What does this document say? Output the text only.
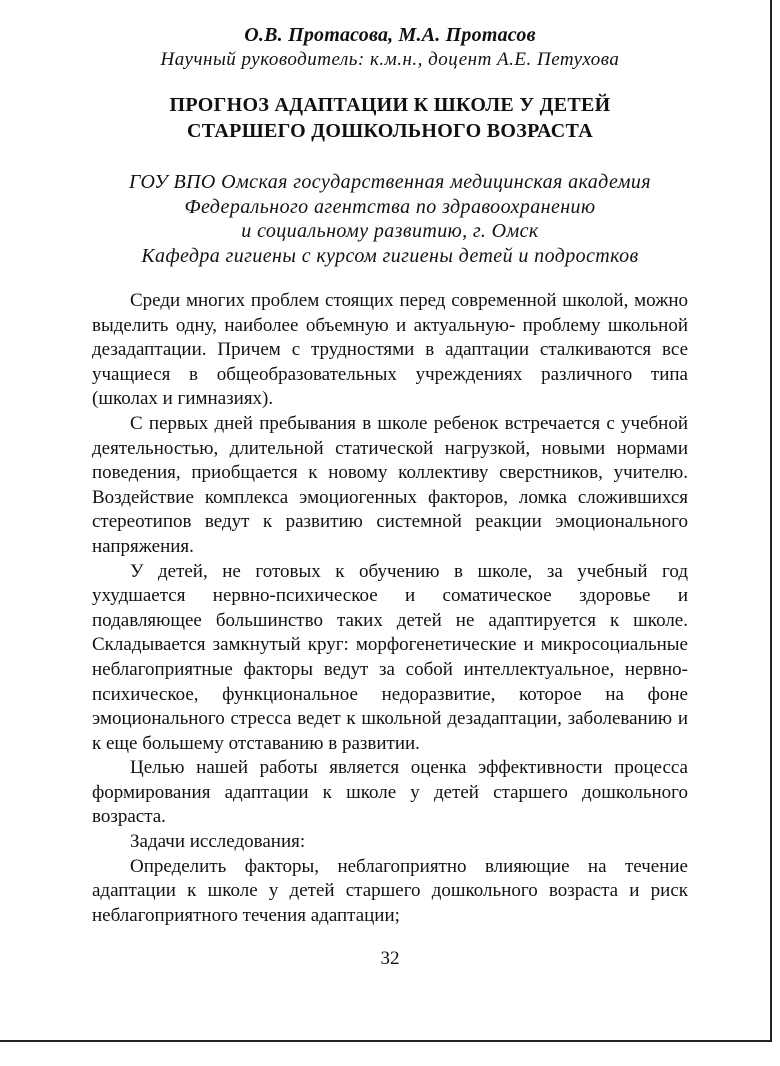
О.В. Протасова, М.А. Протасов
Научный руководитель: к.м.н., доцент А.Е. Петухова
ПРОГНОЗ АДАПТАЦИИ К ШКОЛЕ У ДЕТЕЙ
СТАРШЕГО ДОШКОЛЬНОГО ВОЗРАСТА
ГОУ ВПО Омская государственная медицинская академия
Федерального агентства по здравоохранению
и социальному развитию, г. Омск
Кафедра гигиены с курсом гигиены детей и подростков

Среди многих проблем стоящих перед современной школой, можно выделить одну, наиболее объемную и актуальную- проблему школьной дезадаптации. Причем с трудностями в адаптации сталкиваются все учащиеся в общеобразовательных учреждениях различного типа (школах и гимназиях).

С первых дней пребывания в школе ребенок встречается с учебной деятельностью, длительной статической нагрузкой, новыми нормами поведения, приобщается к новому коллективу сверстников, учителю. Воздействие комплекса эмоциогенных факторов, ломка сложившихся стереотипов ведут к развитию системной реакции эмоционального напряжения.

У детей, не готовых к обучению в школе, за учебный год ухудшается нервно-психическое и соматическое здоровье и подавляющее большинство таких детей не адаптируется к школе. Складывается замкнутый круг: морфогенетические и микросоциальные неблагоприятные факторы ведут за собой интеллектуальное, нервно-психическое, функциональное недоразвитие, которое на фоне эмоционального стресса ведет к школьной дезадаптации, заболеванию и к еще большему отставанию в развитии.

Целью нашей работы является оценка эффективности процесса формирования адаптации к школе у детей старшего дошкольного возраста.

Задачи исследования:

Определить факторы, неблагоприятно влияющие на течение адаптации к школе у детей старшего дошкольного возраста и риск неблагоприятного течения адаптации;

32
